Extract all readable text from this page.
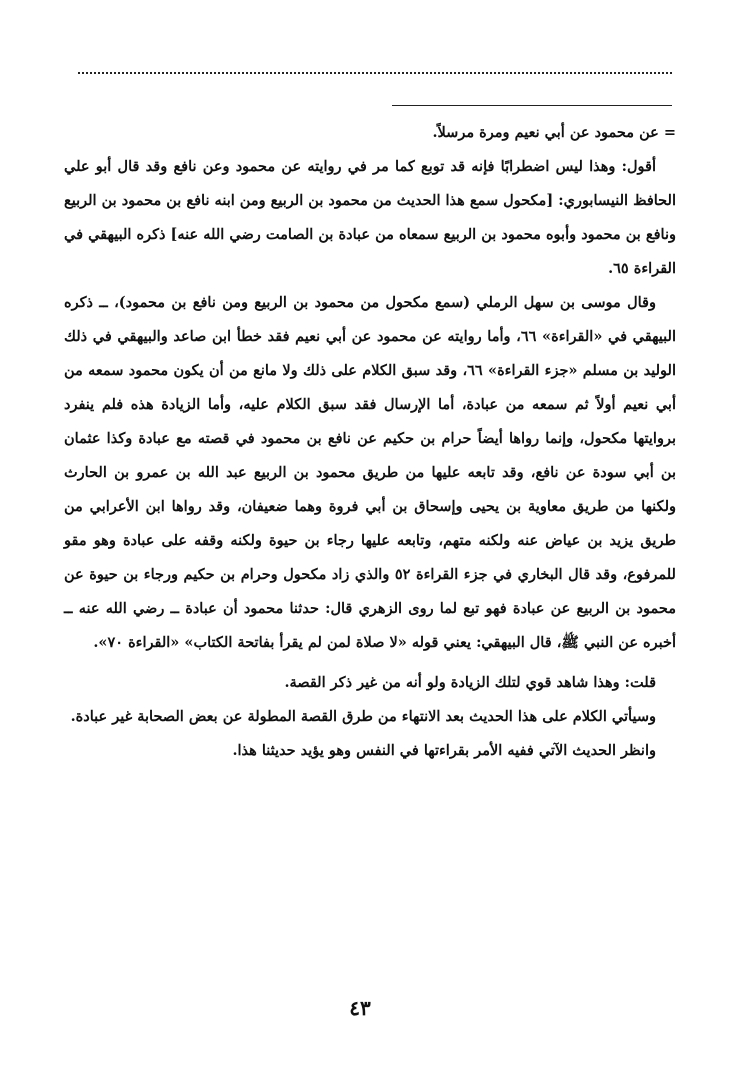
= عن محمود عن أبي نعيم ومرة مرسلاً.

أقول: وهذا ليس اضطرابًا فإنه قد توبع كما مر في روايته عن محمود وعن نافع وقد قال أبو علي الحافظ النيسابوري: [مكحول سمع هذا الحديث من محمود بن الربيع ومن ابنه نافع بن محمود بن الربيع ونافع بن محمود وأبوه محمود بن الربيع سمعاه من عبادة بن الصامت رضي الله عنه] ذكره البيهقي في القراءة ٦٥.

وقال موسى بن سهل الرملي (سمع مكحول من محمود بن الربيع ومن نافع بن محمود)، ــ ذكره البيهقي في «القراءة» ٦٦، وأما روايته عن محمود عن أبي نعيم فقد خطأ ابن صاعد والبيهقي في ذلك الوليد بن مسلم «جزء القراءة» ٦٦، وقد سبق الكلام على ذلك ولا مانع من أن يكون محمود سمعه من أبي نعيم أولاً ثم سمعه من عبادة، أما الإرسال فقد سبق الكلام عليه، وأما الزيادة هذه فلم ينفرد بروايتها مكحول، وإنما رواها أيضاً حرام بن حكيم عن نافع بن محمود في قصته مع عبادة وكذا عثمان بن أبي سودة عن نافع، وقد تابعه عليها من طريق محمود بن الربيع عبد الله بن عمرو بن الحارث ولكنها من طريق معاوية بن يحيى وإسحاق بن أبي فروة وهما ضعيفان، وقد رواها ابن الأعرابي من طريق يزيد بن عياض عنه ولكنه متهم، وتابعه عليها رجاء بن حيوة ولكنه وقفه على عبادة وهو مقو للمرفوع، وقد قال البخاري في جزء القراءة ٥٢ والذي زاد مكحول وحرام بن حكيم ورجاء بن حيوة عن محمود بن الربيع عن عبادة فهو تبع لما روى الزهري قال: حدثنا محمود أن عبادة ــ رضي الله عنه ــ أخبره عن النبي ﷺ، قال البيهقي: يعني قوله «لا صلاة لمن لم يقرأ بفاتحة الكتاب» «القراءة ٧٠».

قلت: وهذا شاهد قوي لتلك الزيادة ولو أنه من غير ذكر القصة.

وسيأتي الكلام على هذا الحديث بعد الانتهاء من طرق القصة المطولة عن بعض الصحابة غير عبادة.

وانظر الحديث الآتي ففيه الأمر بقراءتها في النفس وهو يؤيد حديثنا هذا.

٤٣
